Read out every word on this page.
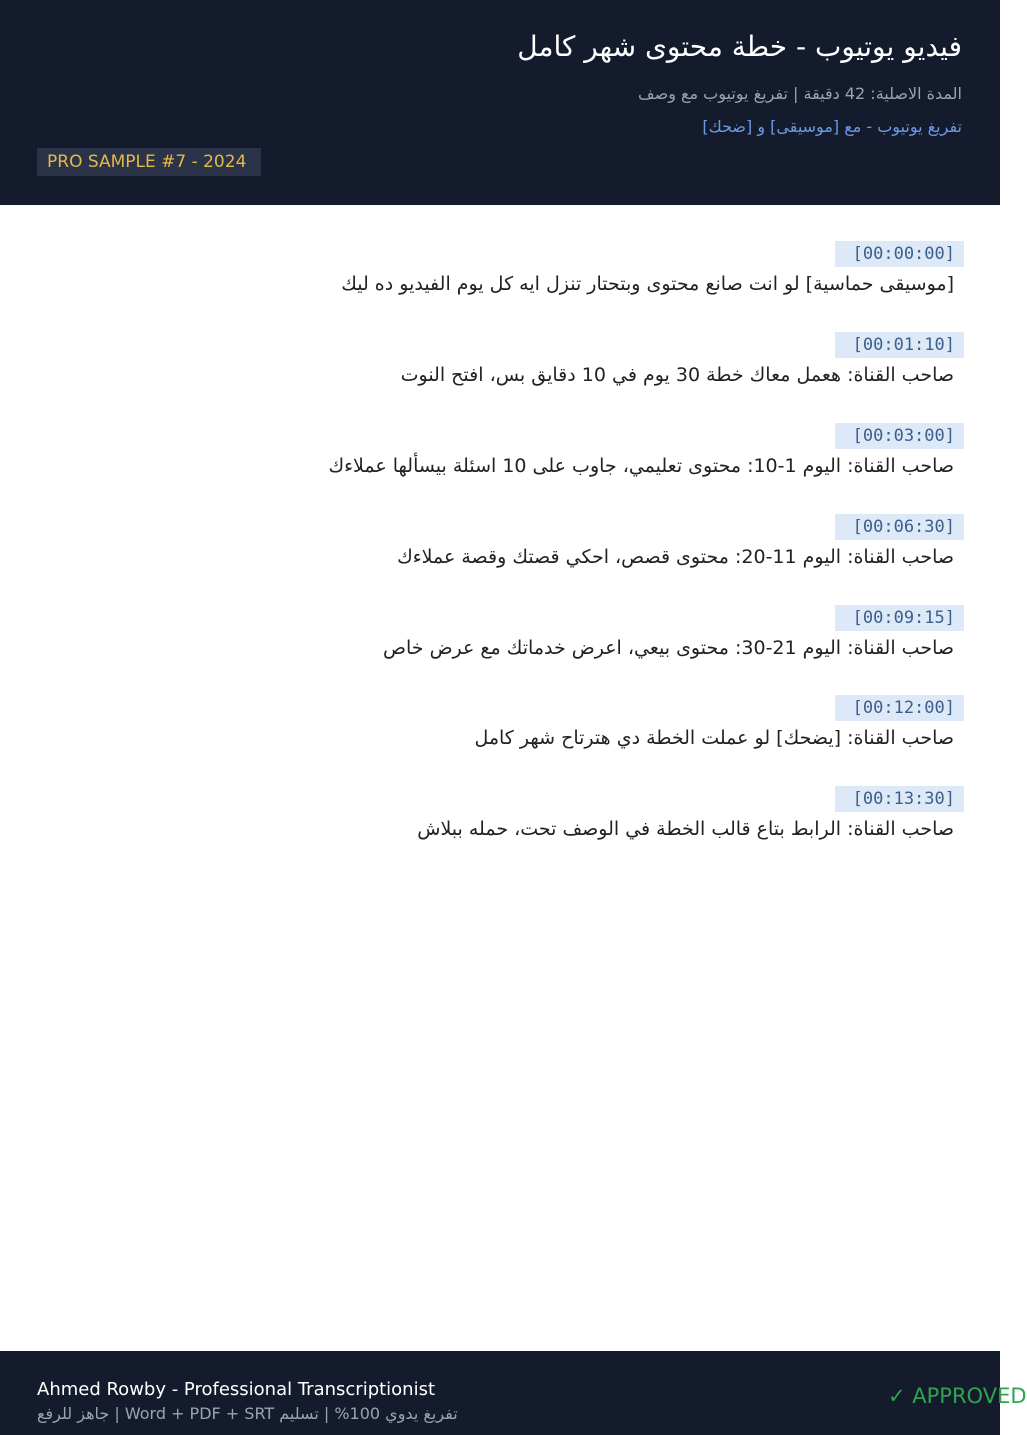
فيديو يوتيوب - خطة محتوى شهر كامل
المدة الاصلية: 42 دقيقة | تفريغ يوتيوب مع وصف
تفريغ يوتيوب - مع [موسيقى] و [ضحك]
PRO SAMPLE #7 - 2024
[00:00:00]
[موسيقى حماسية] لو انت صانع محتوى وبتحتار تنزل ايه كل يوم الفيديو ده ليك
[00:01:10]
صاحب القناة: هعمل معاك خطة 30 يوم في 10 دقايق بس، افتح النوت
[00:03:00]
صاحب القناة: اليوم 1-10: محتوى تعليمي، جاوب على 10 اسئلة بيسألها عملاءك
[00:06:30]
صاحب القناة: اليوم 11-20: محتوى قصص، احكي قصتك وقصة عملاءك
[00:09:15]
صاحب القناة: اليوم 21-30: محتوى بيعي، اعرض خدماتك مع عرض خاص
[00:12:00]
صاحب القناة: [يضحك] لو عملت الخطة دي هترتاح شهر كامل
[00:13:30]
صاحب القناة: الرابط بتاع قالب الخطة في الوصف تحت، حمله ببلاش
Ahmed Rowby - Professional Transcriptionist
تفريغ يدوي 100% | تسليم Word + PDF + SRT | جاهز للرفع
✓ APPROVED
